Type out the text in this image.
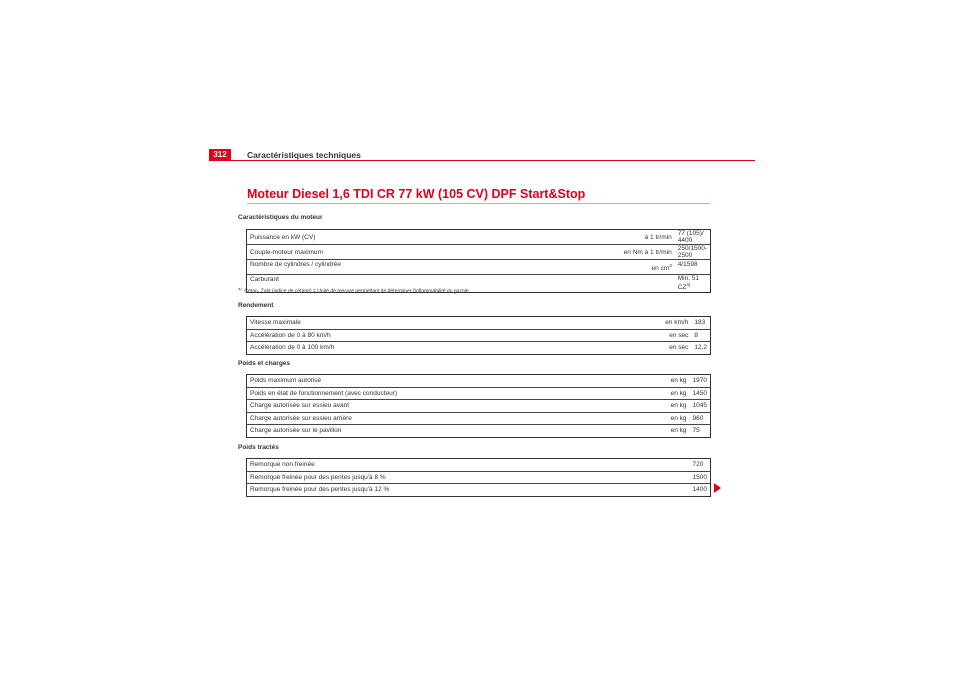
312	Caractéristiques techniques
Moteur Diesel 1,6 TDI CR 77 kW (105 CV) DPF Start&Stop
Caractéristiques du moteur
Puissance en kW (CV)	à 1 tr/min	77 (105)/ 4400
Couple-moteur maximum	en Nm à 1 tr/min	250/1500-2500
Nombre de cylindres / cylindrée	en $cm^3$	4/1598
Carburant		Min. 51 CZ$^{a)}$
$^{a)}$  Cetan- Zahl (indice de cétane) = Unité de mesure permettant de déterminer l'inflammabilité du gazole.
Rendement
Vitesse maximale	en km/h	183
Accélération de 0 à 80 km/h	en sec	8
Accélération de 0 à 100 km/h	en sec	12,2
Poids et charges
Poids maximum autorisé	en kg	1970
Poids en état de fonctionnement (avec conducteur)	en kg	1450
Charge autorisée sur essieu avant	en kg	1045
Charge autorisée sur essieu arrière	en kg	960
Charge autorisée sur le pavillon	en kg	75
Poids tractés
Remorque non freinée		720
Remorque freinée pour des pentes jusqu'à 8 %		1500
Remorque freinée pour des pentes jusqu'à 12 %		1400
